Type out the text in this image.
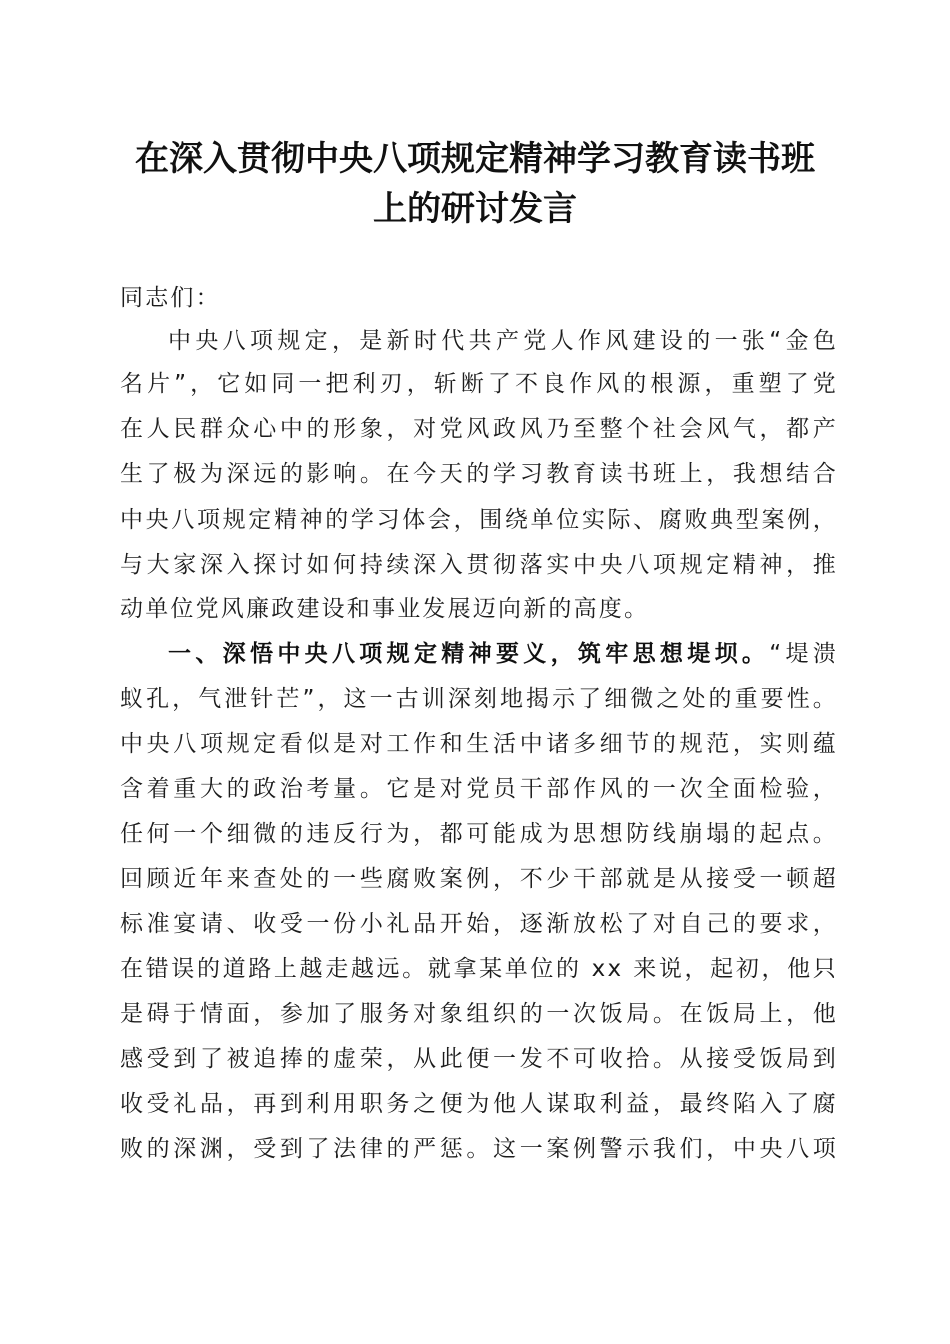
在深入贯彻中央八项规定精神学习教育读书班
上的研讨发言
同志们：
中央八项规定，是新时代共产党人作风建设的一张“金色
名片”，它如同一把利刃，斩断了不良作风的根源，重塑了党
在人民群众心中的形象，对党风政风乃至整个社会风气，都产
生了极为深远的影响。在今天的学习教育读书班上，我想结合
中央八项规定精神的学习体会，围绕单位实际、腐败典型案例，
与大家深入探讨如何持续深入贯彻落实中央八项规定精神，推
动单位党风廉政建设和事业发展迈向新的高度。
一、深悟中央八项规定精神要义，筑牢思想堤坝。“堤溃
蚁孔，气泄针芒”，这一古训深刻地揭示了细微之处的重要性。
中央八项规定看似是对工作和生活中诸多细节的规范，实则蕴
含着重大的政治考量。它是对党员干部作风的一次全面检验，
任何一个细微的违反行为，都可能成为思想防线崩塌的起点。
回顾近年来查处的一些腐败案例，不少干部就是从接受一顿超
标准宴请、收受一份小礼品开始，逐渐放松了对自己的要求，
在错误的道路上越走越远。就拿某单位的 xx 来说，起初，他只
是碍于情面，参加了服务对象组织的一次饭局。在饭局上，他
感受到了被追捧的虚荣，从此便一发不可收拾。从接受饭局到
收受礼品，再到利用职务之便为他人谋取利益，最终陷入了腐
败的深渊，受到了法律的严惩。这一案例警示我们，中央八项
